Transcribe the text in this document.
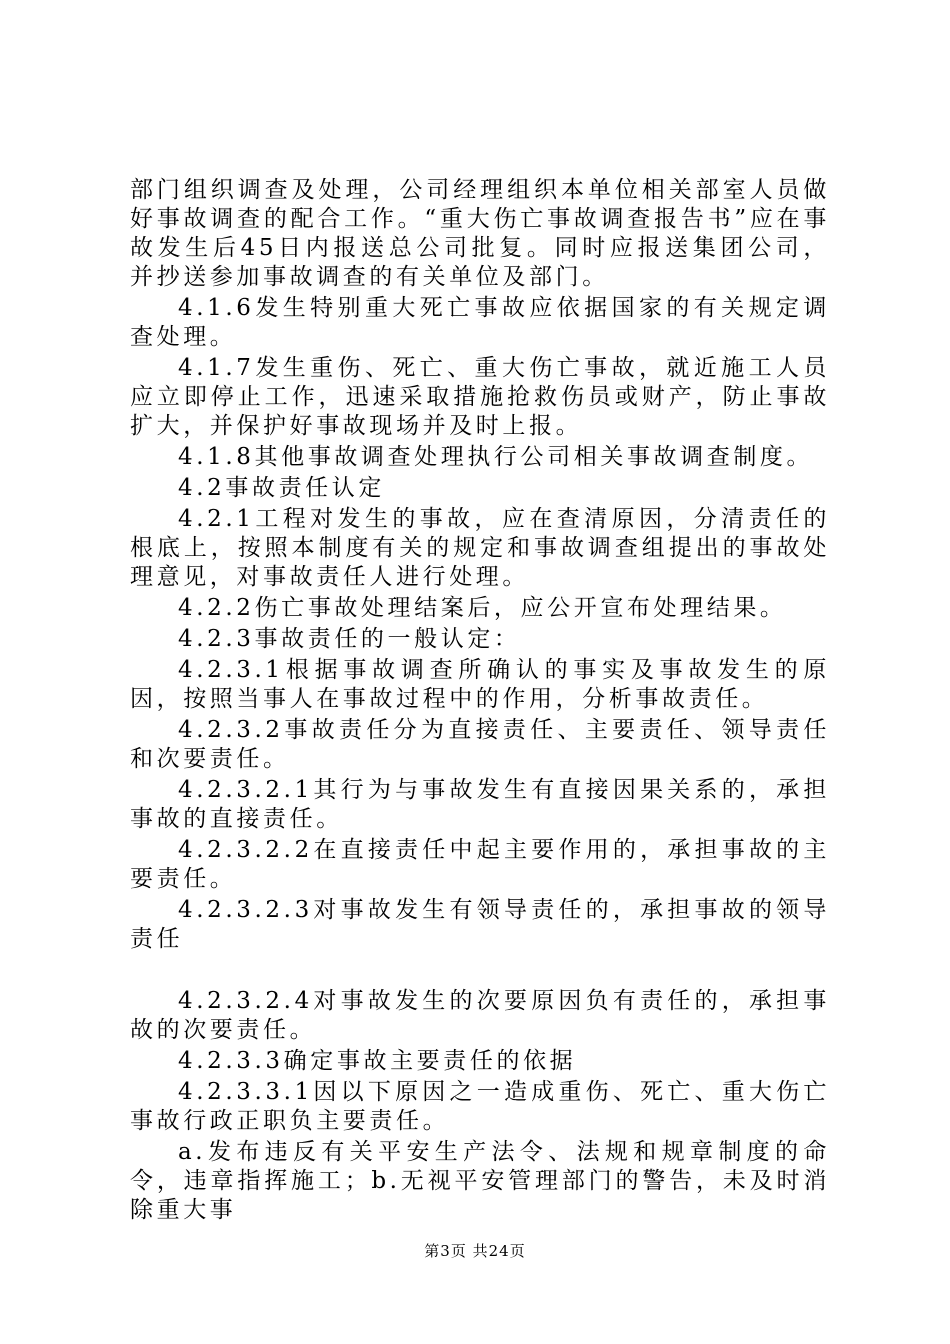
部门组织调查及处理，公司经理组织本单位相关部室人员做好事故调查的配合工作。“重大伤亡事故调查报告书”应在事故发生后45日内报送总公司批复。同时应报送集团公司，并抄送参加事故调查的有关单位及部门。

4.1.6发生特别重大死亡事故应依据国家的有关规定调查处理。

4.1.7发生重伤、死亡、重大伤亡事故，就近施工人员应立即停止工作，迅速采取措施抢救伤员或财产，防止事故扩大，并保护好事故现场并及时上报。

4.1.8其他事故调查处理执行公司相关事故调查制度。

4.2事故责任认定

4.2.1工程对发生的事故，应在查清原因，分清责任的根底上，按照本制度有关的规定和事故调查组提出的事故处理意见，对事故责任人进行处理。

4.2.2伤亡事故处理结案后，应公开宣布处理结果。

4.2.3事故责任的一般认定：

4.2.3.1根据事故调查所确认的事实及事故发生的原因，按照当事人在事故过程中的作用，分析事故责任。

4.2.3.2事故责任分为直接责任、主要责任、领导责任和次要责任。

4.2.3.2.1其行为与事故发生有直接因果关系的，承担事故的直接责任。

4.2.3.2.2在直接责任中起主要作用的，承担事故的主要责任。

4.2.3.2.3对事故发生有领导责任的，承担事故的领导责任

4.2.3.2.4对事故发生的次要原因负有责任的，承担事故的次要责任。

4.2.3.3确定事故主要责任的依据

4.2.3.3.1因以下原因之一造成重伤、死亡、重大伤亡事故行政正职负主要责任。

a.发布违反有关平安生产法令、法规和规章制度的命令，违章指挥施工；b.无视平安管理部门的警告，未及时消除重大事

第3页 共24页
